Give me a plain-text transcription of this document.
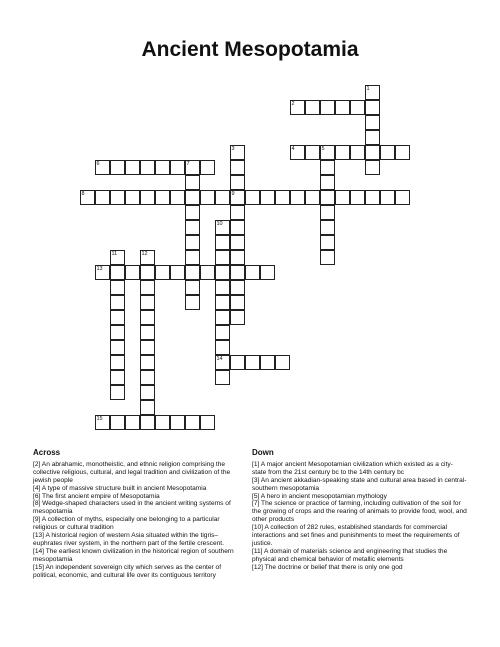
Ancient Mesopotamia
2
1
3	4	5
6	7
8	9
10
11	12
13
14
15
Across

[2] An abrahamic, monotheistic, and ethnic religion comprising the collective religious, cultural, and legal tradition and civilization of the jewish people

[4] A type of massive structure built in ancient Mesopotamia

[6] The first ancient empire of Mesopotamia

[8] Wedge-shaped characters used in the ancient writing systems of mesopotamia

[9] A collection of myths, especially one belonging to a particular religious or cultural tradition

[13] A historical region of western Asia situated within the tigris–euphrates river system, in the northern part of the fertile crescent.

[14] The earliest known civilization in the historical region of southern mesopotamia

[15] An independent sovereign city which serves as the center of political, economic, and cultural life over its contiguous territory

Down

[1] A major ancient Mesopotamian civilization which existed as a city-state from the 21st century bc to the 14th century bc

[3] An ancient akkadian-speaking state and cultural area based in central-southern mesopotamia

[5] A hero in ancient mesopotamian mythology

[7] The science or practice of farming, including cultivation of the soil for the growing of crops and the rearing of animals to provide food, wool, and other products

[10] A collection of 282 rules, established standards for commercial interactions and set fines and punishments to meet the requirements of justice.

[11] A domain of materials science and engineering that studies the physical and chemical behavior of metallic elements

[12] The doctrine or belief that there is only one god
